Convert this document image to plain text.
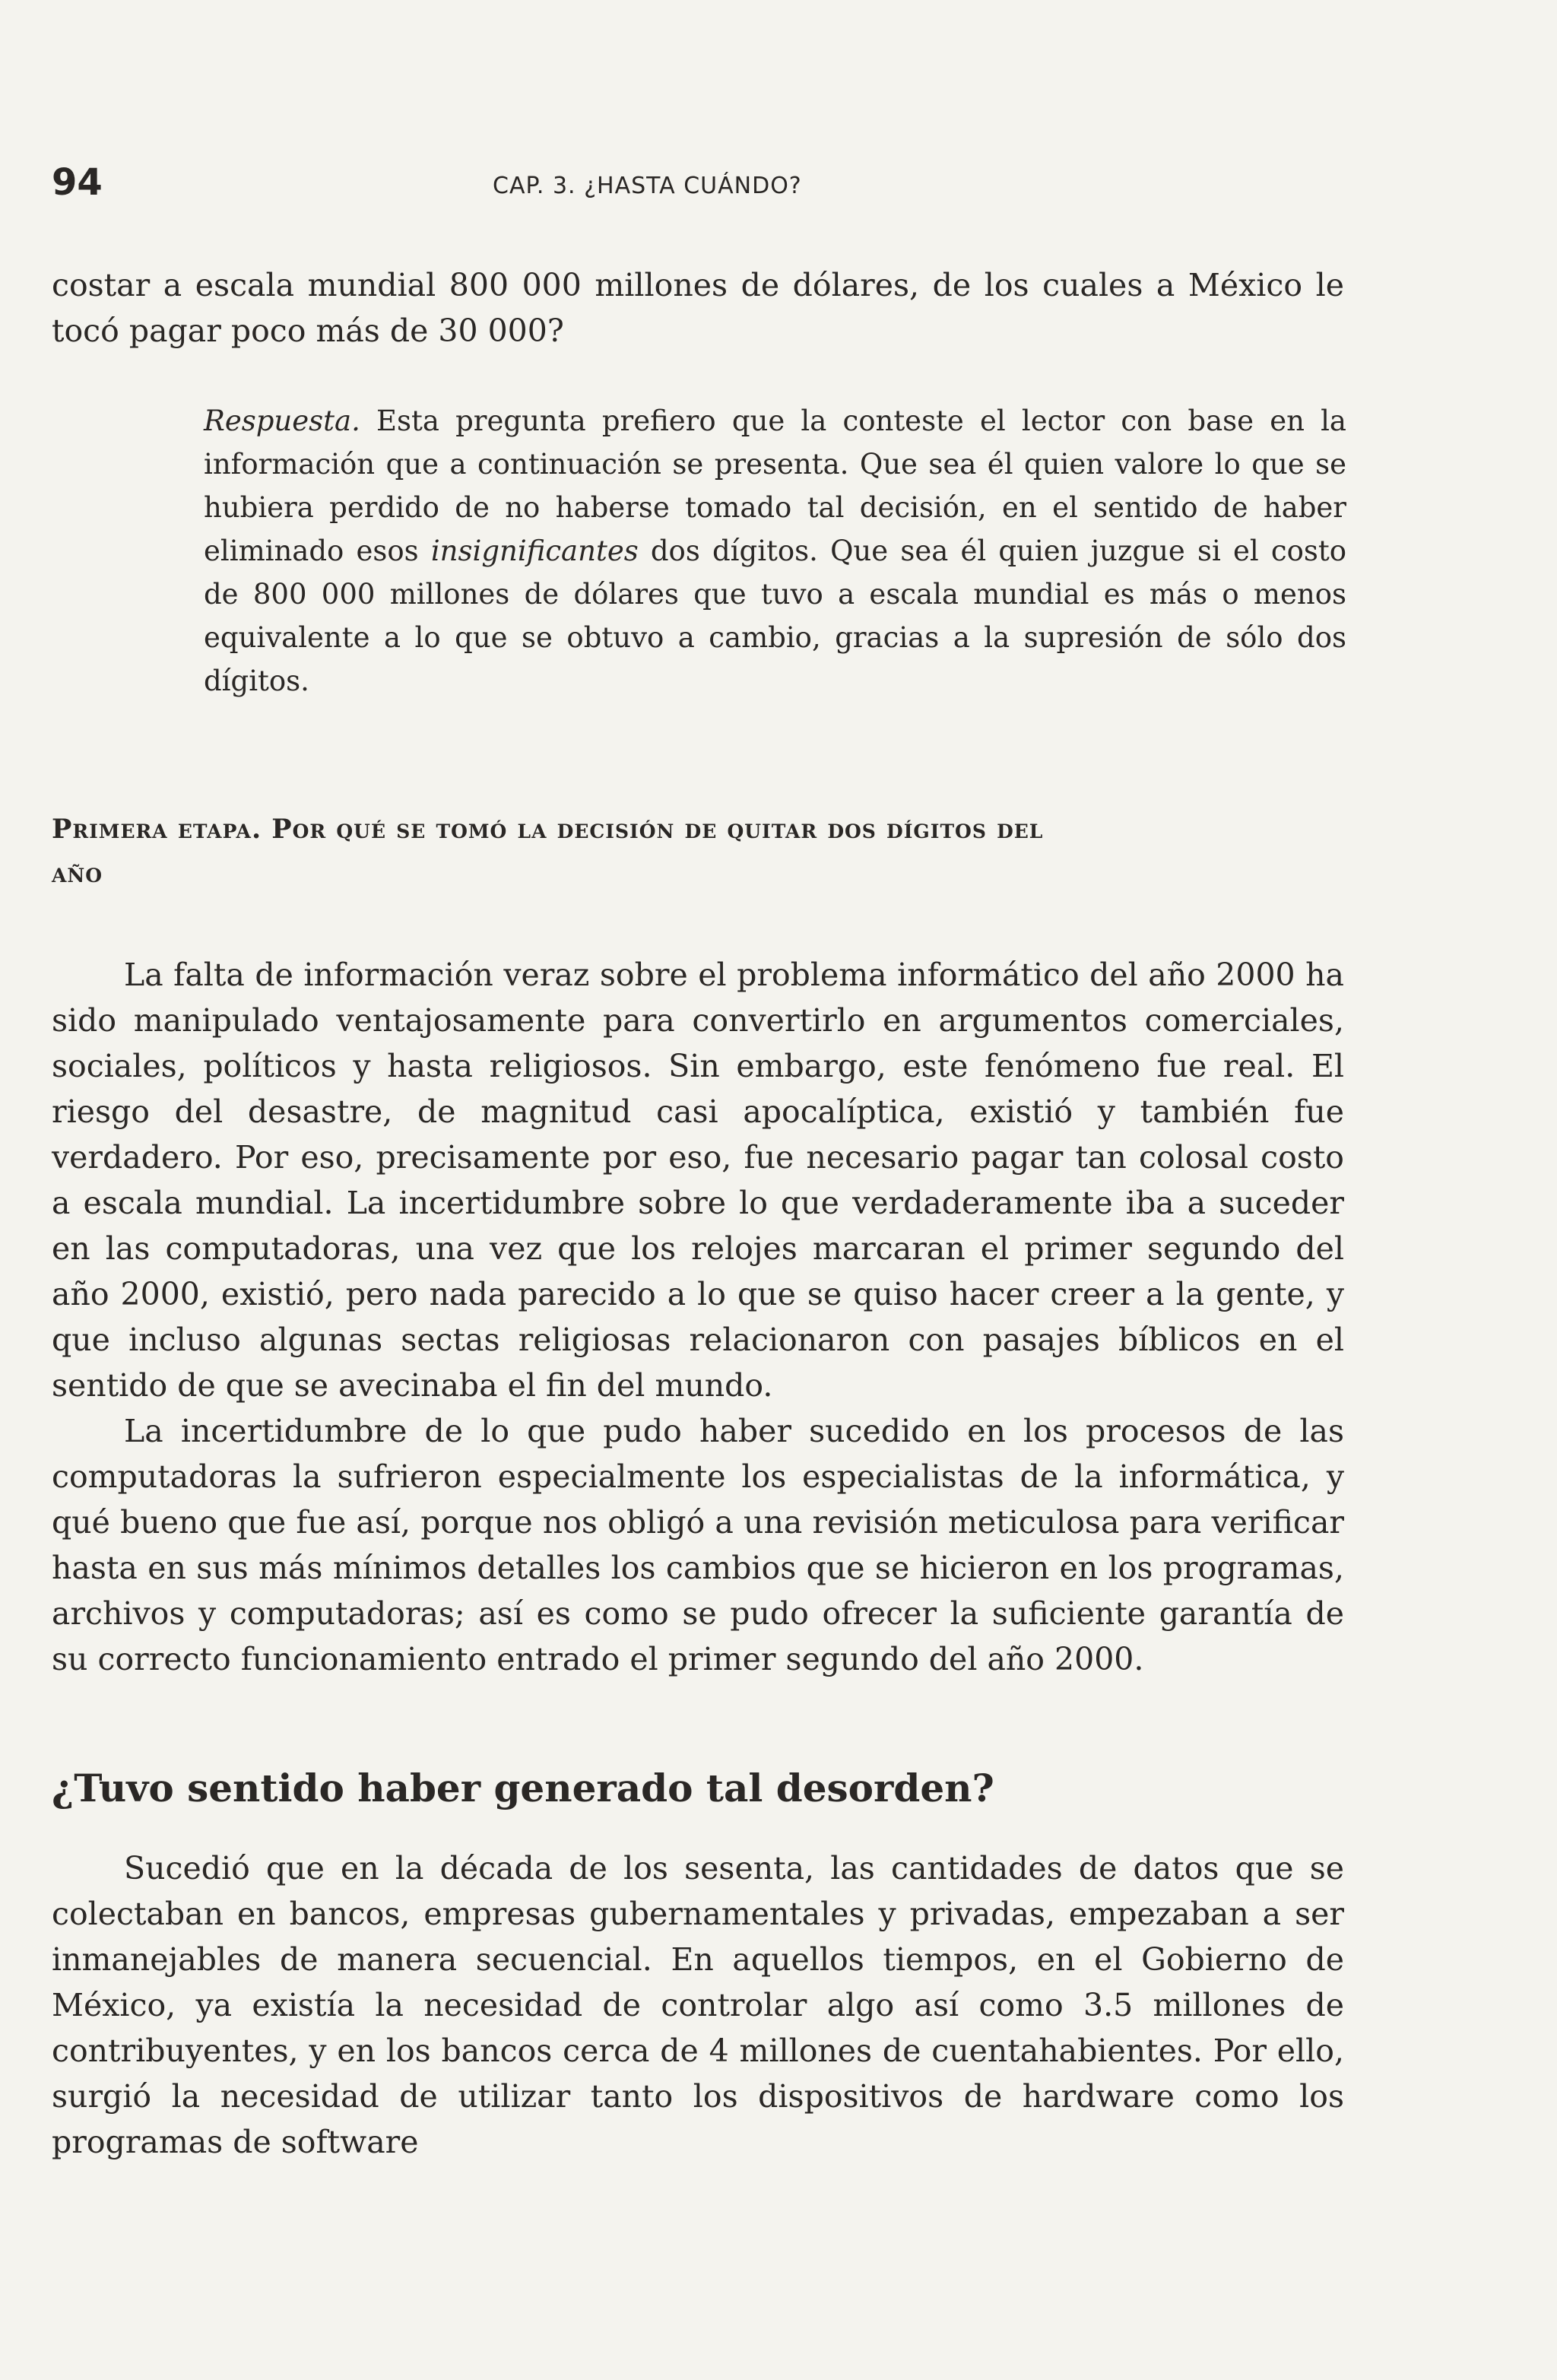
94	CAP. 3. ¿HASTA CUÁNDO?

costar a escala mundial 800 000 millones de dólares, de los cuales a México le tocó pagar poco más de 30 000?

Respuesta. Esta pregunta prefiero que la conteste el lector con base en la información que a continuación se presenta. Que sea él quien valore lo que se hubiera perdido de no haberse tomado tal decisión, en el sentido de haber eliminado esos insignificantes dos dígitos. Que sea él quien juzgue si el costo de 800 000 millones de dólares que tuvo a escala mundial es más o menos equivalente a lo que se obtuvo a cambio, gracias a la supresión de sólo dos dígitos.

Primera etapa. Por qué se tomó la decisión de quitar dos dígitos del año

La falta de información veraz sobre el problema informático del año 2000 ha sido manipulado ventajosamente para convertirlo en argumentos comerciales, sociales, políticos y hasta religiosos. Sin embargo, este fenómeno fue real. El riesgo del desastre, de magnitud casi apocalíptica, existió y también fue verdadero. Por eso, precisamente por eso, fue necesario pagar tan colosal costo a escala mundial. La incertidumbre sobre lo que verdaderamente iba a suceder en las computadoras, una vez que los relojes marcaran el primer segundo del año 2000, existió, pero nada parecido a lo que se quiso hacer creer a la gente, y que incluso algunas sectas religiosas relacionaron con pasajes bíblicos en el sentido de que se avecinaba el fin del mundo.

La incertidumbre de lo que pudo haber sucedido en los procesos de las computadoras la sufrieron especialmente los especialistas de la informática, y qué bueno que fue así, porque nos obligó a una revisión meticulosa para verificar hasta en sus más mínimos detalles los cambios que se hicieron en los programas, archivos y computadoras; así es como se pudo ofrecer la suficiente garantía de su correcto funcionamiento entrado el primer segundo del año 2000.

¿Tuvo sentido haber generado tal desorden?

Sucedió que en la década de los sesenta, las cantidades de datos que se colectaban en bancos, empresas gubernamentales y privadas, empezaban a ser inmanejables de manera secuencial. En aquellos tiempos, en el Gobierno de México, ya existía la necesidad de controlar algo así como 3.5 millones de contribuyentes, y en los bancos cerca de 4 millones de cuentahabientes. Por ello, surgió la necesidad de utilizar tanto los dispositivos de hardware como los programas de software
